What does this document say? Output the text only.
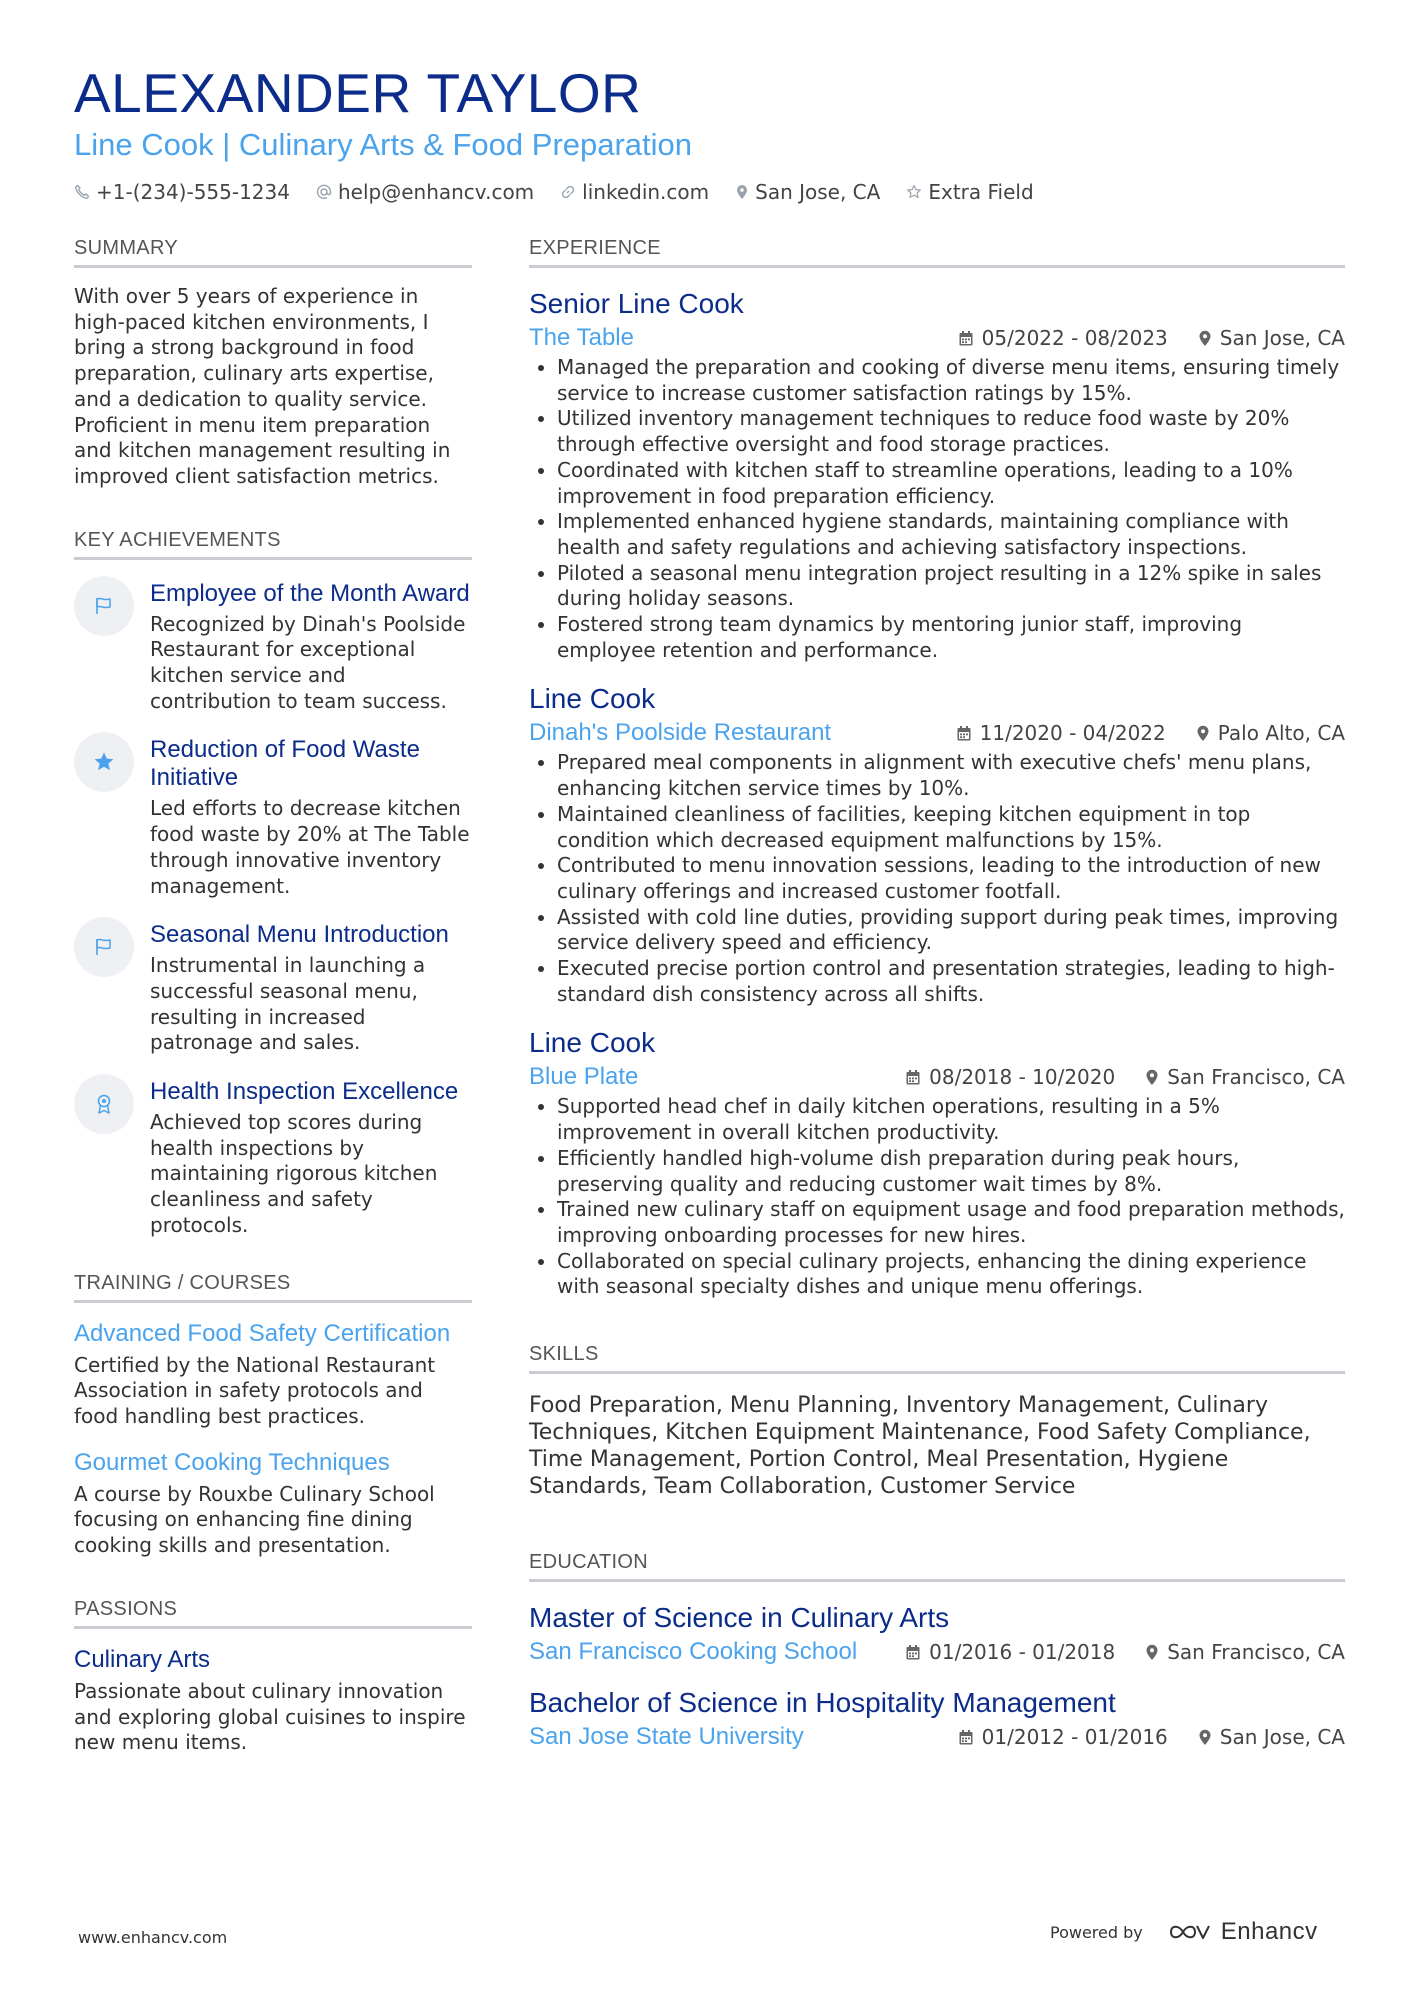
ALEXANDER TAYLOR
Line Cook | Culinary Arts & Food Preparation
+1-(234)-555-1234 help@enhancv.com linkedin.com San Jose, CA Extra Field
SUMMARY
With over 5 years of experience in high-paced kitchen environments, I bring a strong background in food preparation, culinary arts expertise, and a dedication to quality service. Proficient in menu item preparation and kitchen management resulting in improved client satisfaction metrics.
KEY ACHIEVEMENTS
Employee of the Month Award
Recognized by Dinah's Poolside Restaurant for exceptional kitchen service and contribution to team success.
Reduction of Food Waste Initiative
Led efforts to decrease kitchen food waste by 20% at The Table through innovative inventory management.
Seasonal Menu Introduction
Instrumental in launching a successful seasonal menu, resulting in increased patronage and sales.
Health Inspection Excellence
Achieved top scores during health inspections by maintaining rigorous kitchen cleanliness and safety protocols.
TRAINING / COURSES
Advanced Food Safety Certification
Certified by the National Restaurant Association in safety protocols and food handling best practices.
Gourmet Cooking Techniques
A course by Rouxbe Culinary School focusing on enhancing fine dining cooking skills and presentation.
PASSIONS
Culinary Arts
Passionate about culinary innovation and exploring global cuisines to inspire new menu items.
EXPERIENCE
Senior Line Cook
The Table	05/2022 - 08/2023	San Jose, CA
• Managed the preparation and cooking of diverse menu items, ensuring timely service to increase customer satisfaction ratings by 15%.
• Utilized inventory management techniques to reduce food waste by 20% through effective oversight and food storage practices.
• Coordinated with kitchen staff to streamline operations, leading to a 10% improvement in food preparation efficiency.
• Implemented enhanced hygiene standards, maintaining compliance with health and safety regulations and achieving satisfactory inspections.
• Piloted a seasonal menu integration project resulting in a 12% spike in sales during holiday seasons.
• Fostered strong team dynamics by mentoring junior staff, improving employee retention and performance.
Line Cook
Dinah's Poolside Restaurant	11/2020 - 04/2022	Palo Alto, CA
• Prepared meal components in alignment with executive chefs' menu plans, enhancing kitchen service times by 10%.
• Maintained cleanliness of facilities, keeping kitchen equipment in top condition which decreased equipment malfunctions by 15%.
• Contributed to menu innovation sessions, leading to the introduction of new culinary offerings and increased customer footfall.
• Assisted with cold line duties, providing support during peak times, improving service delivery speed and efficiency.
• Executed precise portion control and presentation strategies, leading to high-standard dish consistency across all shifts.
Line Cook
Blue Plate	08/2018 - 10/2020	San Francisco, CA
• Supported head chef in daily kitchen operations, resulting in a 5% improvement in overall kitchen productivity.
• Efficiently handled high-volume dish preparation during peak hours, preserving quality and reducing customer wait times by 8%.
• Trained new culinary staff on equipment usage and food preparation methods, improving onboarding processes for new hires.
• Collaborated on special culinary projects, enhancing the dining experience with seasonal specialty dishes and unique menu offerings.
SKILLS
Food Preparation, Menu Planning, Inventory Management, Culinary Techniques, Kitchen Equipment Maintenance, Food Safety Compliance, Time Management, Portion Control, Meal Presentation, Hygiene Standards, Team Collaboration, Customer Service
EDUCATION
Master of Science in Culinary Arts
San Francisco Cooking School	01/2016 - 01/2018	San Francisco, CA
Bachelor of Science in Hospitality Management
San Jose State University	01/2012 - 01/2016	San Jose, CA
www.enhancv.com	Powered by	Enhancv
